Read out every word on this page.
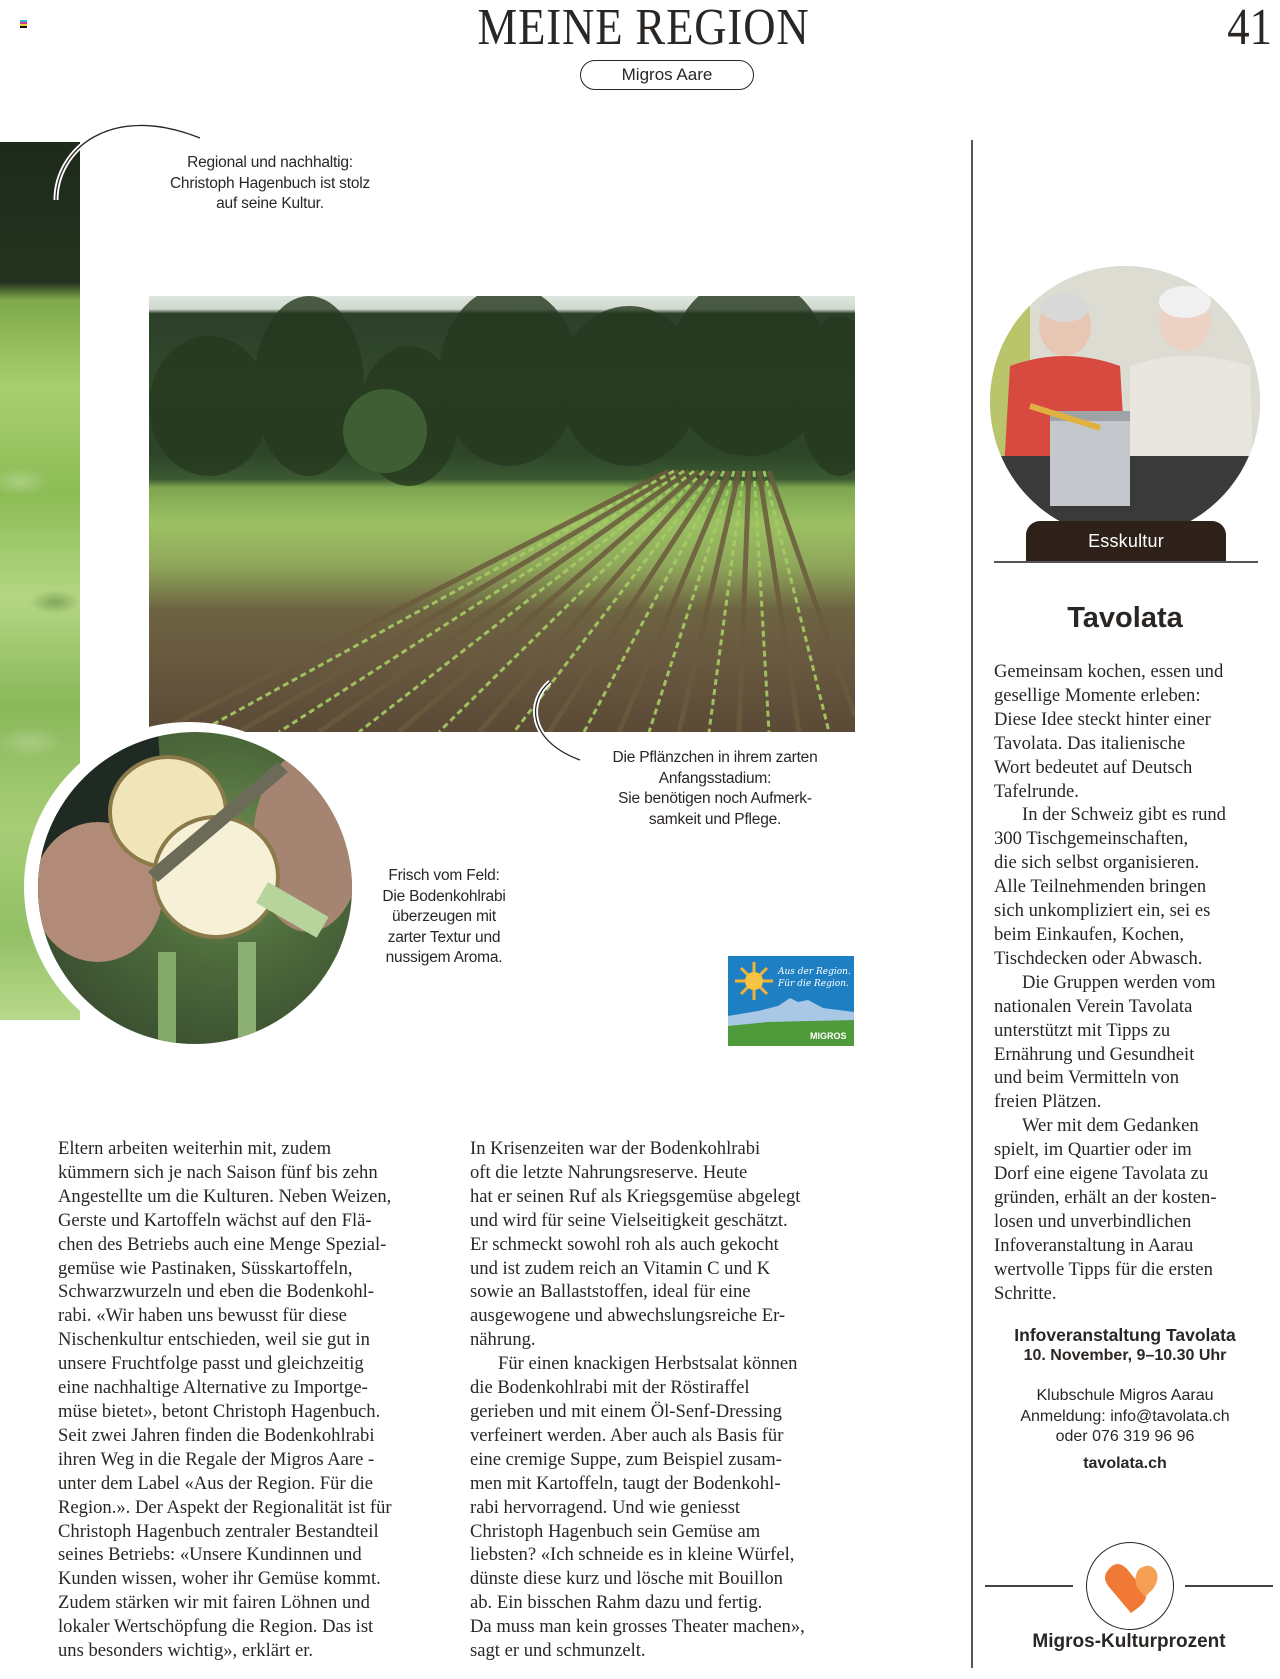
MEINE REGION	41
Migros Aare
Regional und nachhaltig:
Christoph Hagenbuch ist stolz
auf seine Kultur.
Die Pflänzchen in ihrem zarten
Anfangsstadium:
Sie benötigen noch Aufmerk-
samkeit und Pflege.
Frisch vom Feld:
Die Bodenkohlrabi
überzeugen mit
zarter Textur und
nussigem Aroma.
Aus der Region.
Für die Region.
MIGROS

Eltern arbeiten weiterhin mit, zudem

kümmern sich je nach Saison fünf bis zehn

Angestellte um die Kulturen. Neben Weizen,

Gerste und Kartoffeln wächst auf den Flä-

chen des Betriebs auch eine Menge Spezial-

gemüse wie Pastinaken, Süsskartoffeln,

Schwarzwurzeln und eben die Bodenkohl-

rabi. «Wir haben uns bewusst für diese

Nischenkultur entschieden, weil sie gut in

unsere Fruchtfolge passt und gleichzeitig

eine nachhaltige Alternative zu Importge-

müse bietet», betont Christoph Hagenbuch.

Seit zwei Jahren finden die Bodenkohlrabi

ihren Weg in die Regale der Migros Aare -

unter dem Label «Aus der Region. Für die

Region.». Der Aspekt der Regionalität ist für

Christoph Hagenbuch zentraler Bestandteil

seines Betriebs: «Unsere Kundinnen und

Kunden wissen, woher ihr Gemüse kommt.

Zudem stärken wir mit fairen Löhnen und

lokaler Wertschöpfung die Region. Das ist

uns besonders wichtig», erklärt er.

In Krisenzeiten war der Bodenkohlrabi

oft die letzte Nahrungsreserve. Heute

hat er seinen Ruf als Kriegsgemüse abgelegt

und wird für seine Vielseitigkeit geschätzt.

Er schmeckt sowohl roh als auch gekocht

und ist zudem reich an Vitamin C und K

sowie an Ballaststoffen, ideal für eine

ausgewogene und abwechslungsreiche Er-

nährung.

Für einen knackigen Herbstsalat können

die Bodenkohlrabi mit der Röstiraffel

gerieben und mit einem Öl-Senf-Dressing

verfeinert werden. Aber auch als Basis für

eine cremige Suppe, zum Beispiel zusam-

men mit Kartoffeln, taugt der Bodenkohl-

rabi hervorragend. Und wie geniesst

Christoph Hagenbuch sein Gemüse am

liebsten? «Ich schneide es in kleine Würfel,

dünste diese kurz und lösche mit Bouillon

ab. Ein bisschen Rahm dazu und fertig.

Da muss man kein grosses Theater machen»,

sagt er und schmunzelt.

Esskultur
Tavolata

Gemeinsam kochen, essen und

gesellige Momente erleben:

Diese Idee steckt hinter einer

Tavolata. Das italienische

Wort bedeutet auf Deutsch

Tafelrunde.

In der Schweiz gibt es rund

300 Tischgemeinschaften,

die sich selbst organisieren.

Alle Teilnehmenden bringen

sich unkompliziert ein, sei es

beim Einkaufen, Kochen,

Tischdecken oder Abwasch.

Die Gruppen werden vom

nationalen Verein Tavolata

unterstützt mit Tipps zu

Ernährung und Gesundheit

und beim Vermitteln von

freien Plätzen.

Wer mit dem Gedanken

spielt, im Quartier oder im

Dorf eine eigene Tavolata zu

gründen, erhält an der kosten-

losen und unverbindlichen

Infoveranstaltung in Aarau

wertvolle Tipps für die ersten

Schritte.

Infoveranstaltung Tavolata
10. November, 9–10.30 Uhr
Klubschule Migros Aarau
Anmeldung: info@tavolata.ch
oder 076 319 96 96
tavolata.ch
Migros-Kulturprozent
